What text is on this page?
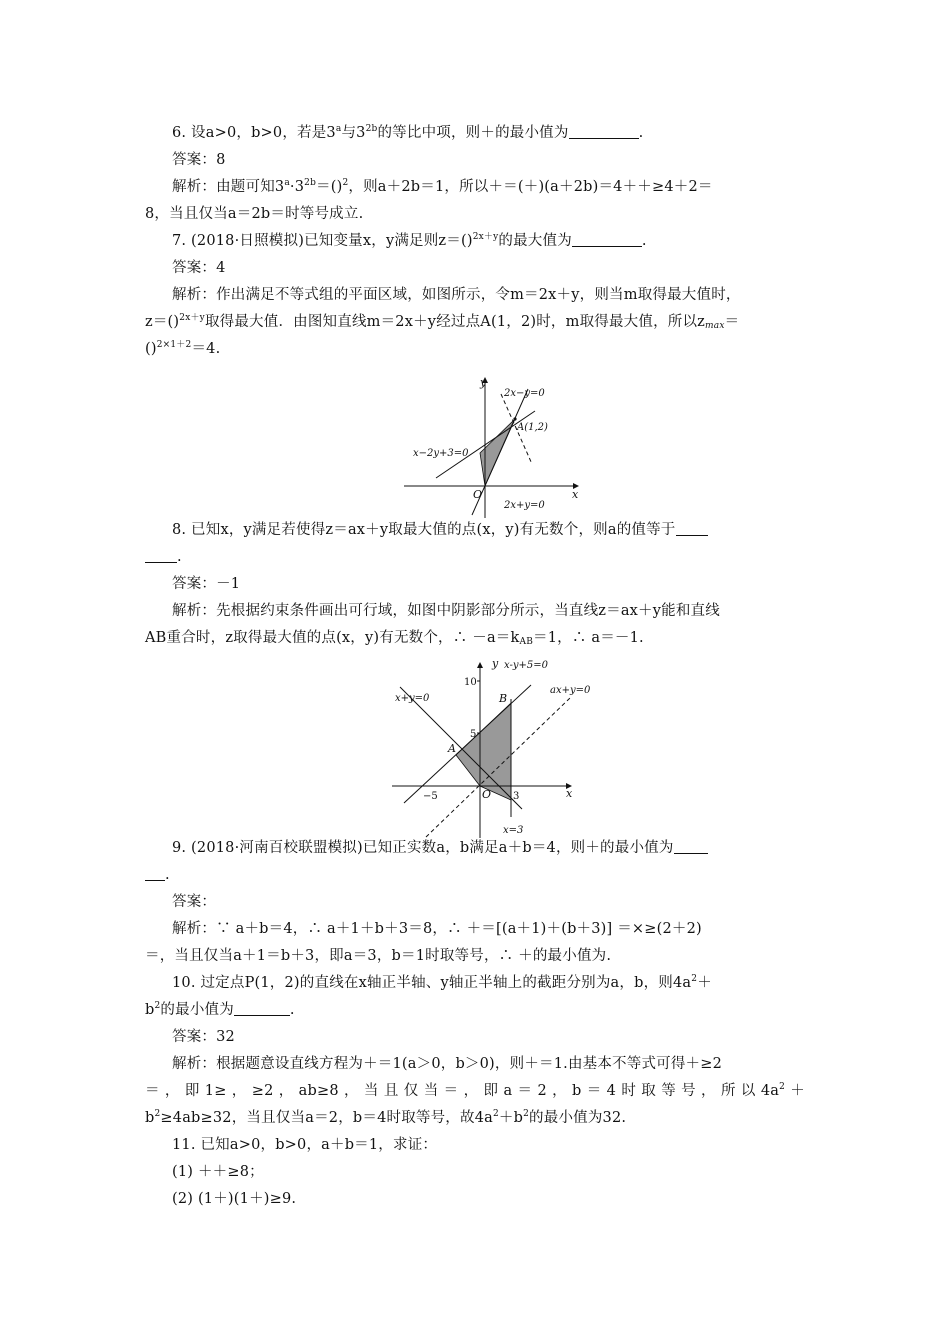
6. 设a>0，b>0，若是3$^a$与$3^{2b}$的等比中项，则＋的最小值为	.
答案：8
解析：由题可知$3^a\cdot 3^{2b}=()^2$，则a＋2b＝1，所以＋＝(＋)(a＋2b)＝4＋＋≥4＋2＝
8，当且仅当a＝2b＝时等号成立.
7. (2018·日照模拟)已知变量x，y满足则z＝()$^{2x+y}$的最大值为	.
答案：4
解析：作出满足不等式组的平面区域，如图所示，令m＝2x＋y，则当m取得最大值时，
z＝()$^{2x+y}$取得最大值．由图知直线m＝2x＋y经过点A(1，2)时，m取得最大值，所以$z_{max}=$
()$^{2\times 1+2}$＝4.
y
x
O
2x−y=0
x−2y+3=0
2x+y=0
A(1,2)
8. 已知x，y满足若使得z＝ax＋y取最大值的点(x，y)有无数个，则a的值等于
.
答案：－1
解析：先根据约束条件画出可行域，如图中阴影部分所示，当直线z＝ax＋y能和直线
AB重合时，z取得最大值的点(x，y)有无数个，∴ $-a=k_{AB}=1$，∴ a＝－1.
y
x
O
x-y+5=0
ax+y=0
x+y=0
x=3
A
B
10
5
−5	3
9. (2018·河南百校联盟模拟)已知正实数a，b满足a＋b＝4，则＋的最小值为
.
答案：
解析：∵ a＋b＝4，∴ a＋1＋b＋3＝8，∴ ＋＝[(a＋1)＋(b＋3)] ＝×≥(2＋2)
＝，当且仅当a＋1＝b＋3，即a＝3，b＝1时取等号，∴ ＋的最小值为.
10. 过定点P(1，2)的直线在x轴正半轴、y轴正半轴上的截距分别为a，b，则$4a^2+$
$b^2$的最小值为	.
答案：32
解析：根据题意设直线方程为＋＝1(a＞0，b＞0)，则＋＝1.由基本不等式可得＋≥2
＝，即1≥，≥2，ab≥8，当且仅当＝，即a＝2，b＝4时取等号，所以$4a^2+$
$b^2\ge 4ab\ge 32$，当且仅当a＝2，b＝4时取等号，故$4a^2+b^2$的最小值为32.
11. 已知a>0，b>0，a＋b＝1，求证：
(1) ＋＋≥8；
(2) (1＋)(1＋)≥9.
